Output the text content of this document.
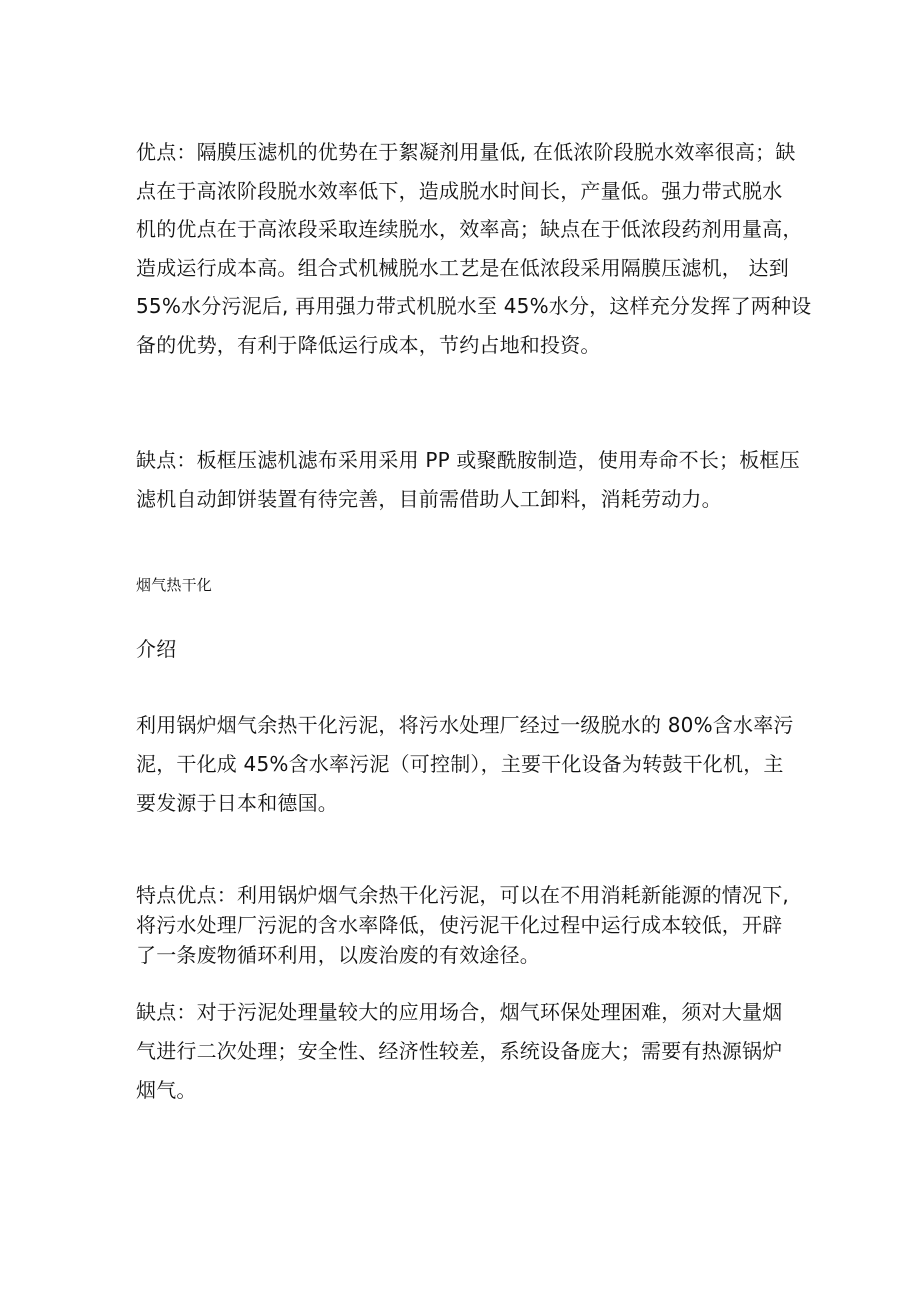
优点：隔膜压滤机的优势在于絮凝剂用量低, 在低浓阶段脱水效率很高；缺
点在于高浓阶段脱水效率低下，造成脱水时间长，产量低。强力带式脱水
机的优点在于高浓段采取连续脱水，效率高；缺点在于低浓段药剂用量高，
造成运行成本高。组合式机械脱水工艺是在低浓段采用隔膜压滤机， 达到
55%水分污泥后, 再用强力带式机脱水至 45%水分，这样充分发挥了两种设
备的优势，有利于降低运行成本，节约占地和投资。

缺点：板框压滤机滤布采用采用 PP 或聚酰胺制造，使用寿命不长；板框压
滤机自动卸饼装置有待完善，目前需借助人工卸料，消耗劳动力。

烟气热干化

介绍

利用锅炉烟气余热干化污泥，将污水处理厂经过一级脱水的 80%含水率污
泥，干化成 45%含水率污泥（可控制），主要干化设备为转鼓干化机，主
要发源于日本和德国。

特点优点：利用锅炉烟气余热干化污泥，可以在不用消耗新能源的情况下,
将污水处理厂污泥的含水率降低，使污泥干化过程中运行成本较低，开辟
了一条废物循环利用，以废治废的有效途径。

缺点：对于污泥处理量较大的应用场合，烟气环保处理困难，须对大量烟
气进行二次处理；安全性、经济性较差，系统设备庞大；需要有热源锅炉
烟气。
